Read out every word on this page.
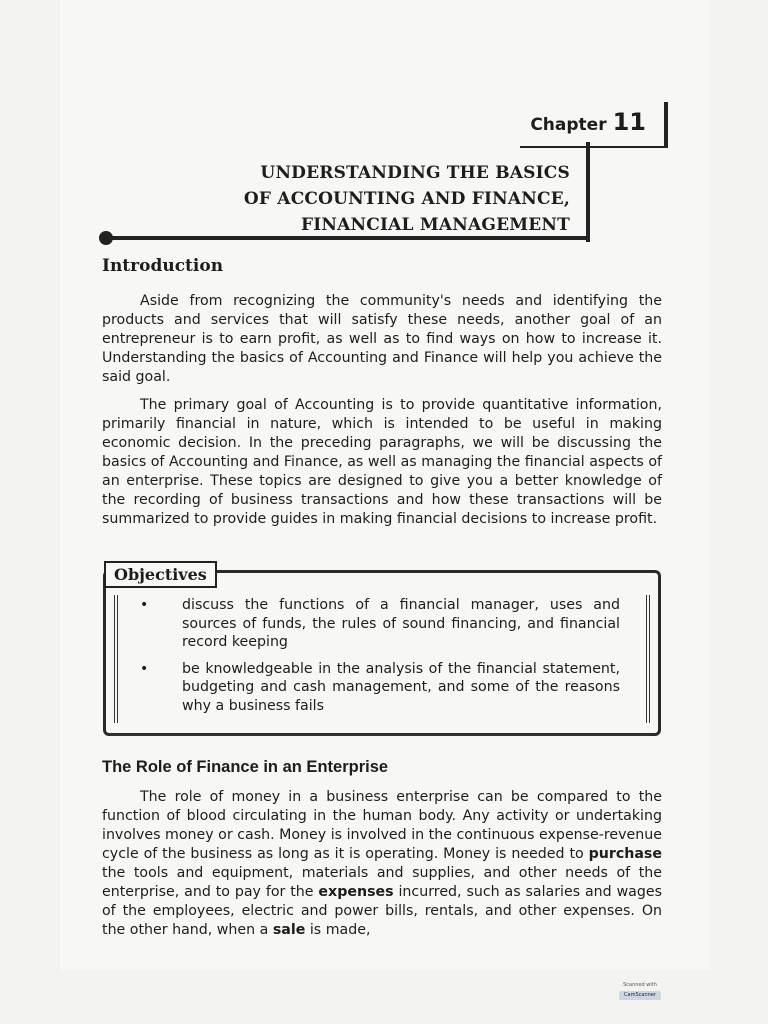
Chapter 11
UNDERSTANDING THE BASICS
OF ACCOUNTING AND FINANCE,
FINANCIAL MANAGEMENT
Introduction

Aside from recognizing the community's needs and identifying the products and services that will satisfy these needs, another goal of an entrepreneur is to earn profit, as well as to find ways on how to increase it. Understanding the basics of Accounting and Finance will help you achieve the said goal.

The primary goal of Accounting is to provide quantitative information, primarily financial in nature, which is intended to be useful in making economic decision. In the preceding paragraphs, we will be discussing the basics of Accounting and Finance, as well as managing the financial aspects of an enterprise. These topics are designed to give you a better knowledge of the recording of business transactions and how these transactions will be summarized to provide guides in making financial decisions to increase profit.

Objectives
• discuss the functions of a financial manager, uses and sources of funds, the rules of sound financing, and financial record keeping
• be knowledgeable in the analysis of the financial statement, budgeting and cash management, and some of the reasons why a business fails
The Role of Finance in an Enterprise

The role of money in a business enterprise can be compared to the function of blood circulating in the human body. Any activity or undertaking involves money or cash. Money is involved in the continuous expense-revenue cycle of the business as long as it is operating. Money is needed to purchase the tools and equipment, materials and supplies, and other needs of the enterprise, and to pay for the expenses incurred, such as salaries and wages of the employees, electric and power bills, rentals, and other expenses. On the other hand, when a sale is made,

Scanned with
CamScanner
